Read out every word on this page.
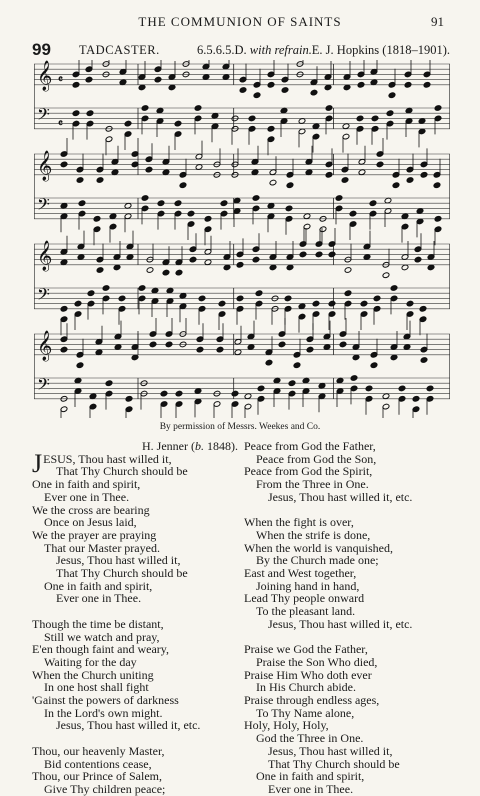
THE COMMUNION OF SAINTS	91
99 TADCASTER.	6.5.6.5.D. with refrain. E. J. Hopkins (1818–1901).
𝄞 𝄴
𝄢 𝄴
𝄞
𝄢
𝄞
𝄢
𝄞
𝄢
By permission of Messrs. Weekes and Co.
H. Jenner (b. 1848).
JESUS, Thou hast willed it,
That Thy Church should be
One in faith and spirit,
Ever one in Thee.
We the cross are bearing
Once on Jesus laid,
We the prayer are praying
That our Master prayed.
Jesus, Thou hast willed it,
That Thy Church should be
One in faith and spirit,
Ever one in Thee.
Though the time be distant,
Still we watch and pray,
E'en though faint and weary,
Waiting for the day
When the Church uniting
In one host shall fight
'Gainst the powers of darkness
In the Lord's own might.
Jesus, Thou hast willed it, etc.
Thou, our heavenly Master,
Bid contentions cease,
Thou, our Prince of Salem,
Give Thy children peace;
Peace from God the Father,
Peace from God the Son,
Peace from God the Spirit,
From the Three in One.
Jesus, Thou hast willed it, etc.
When the fight is over,
When the strife is done,
When the world is vanquished,
By the Church made one;
East and West together,
Joining hand in hand,
Lead Thy people onward
To the pleasant land.
Jesus, Thou hast willed it, etc.
Praise we God the Father,
Praise the Son Who died,
Praise Him Who doth ever
In His Church abide.
Praise through endless ages,
To Thy Name alone,
Holy, Holy, Holy,
God the Three in One.
Jesus, Thou hast willed it,
That Thy Church should be
One in faith and spirit,
Ever one in Thee.
